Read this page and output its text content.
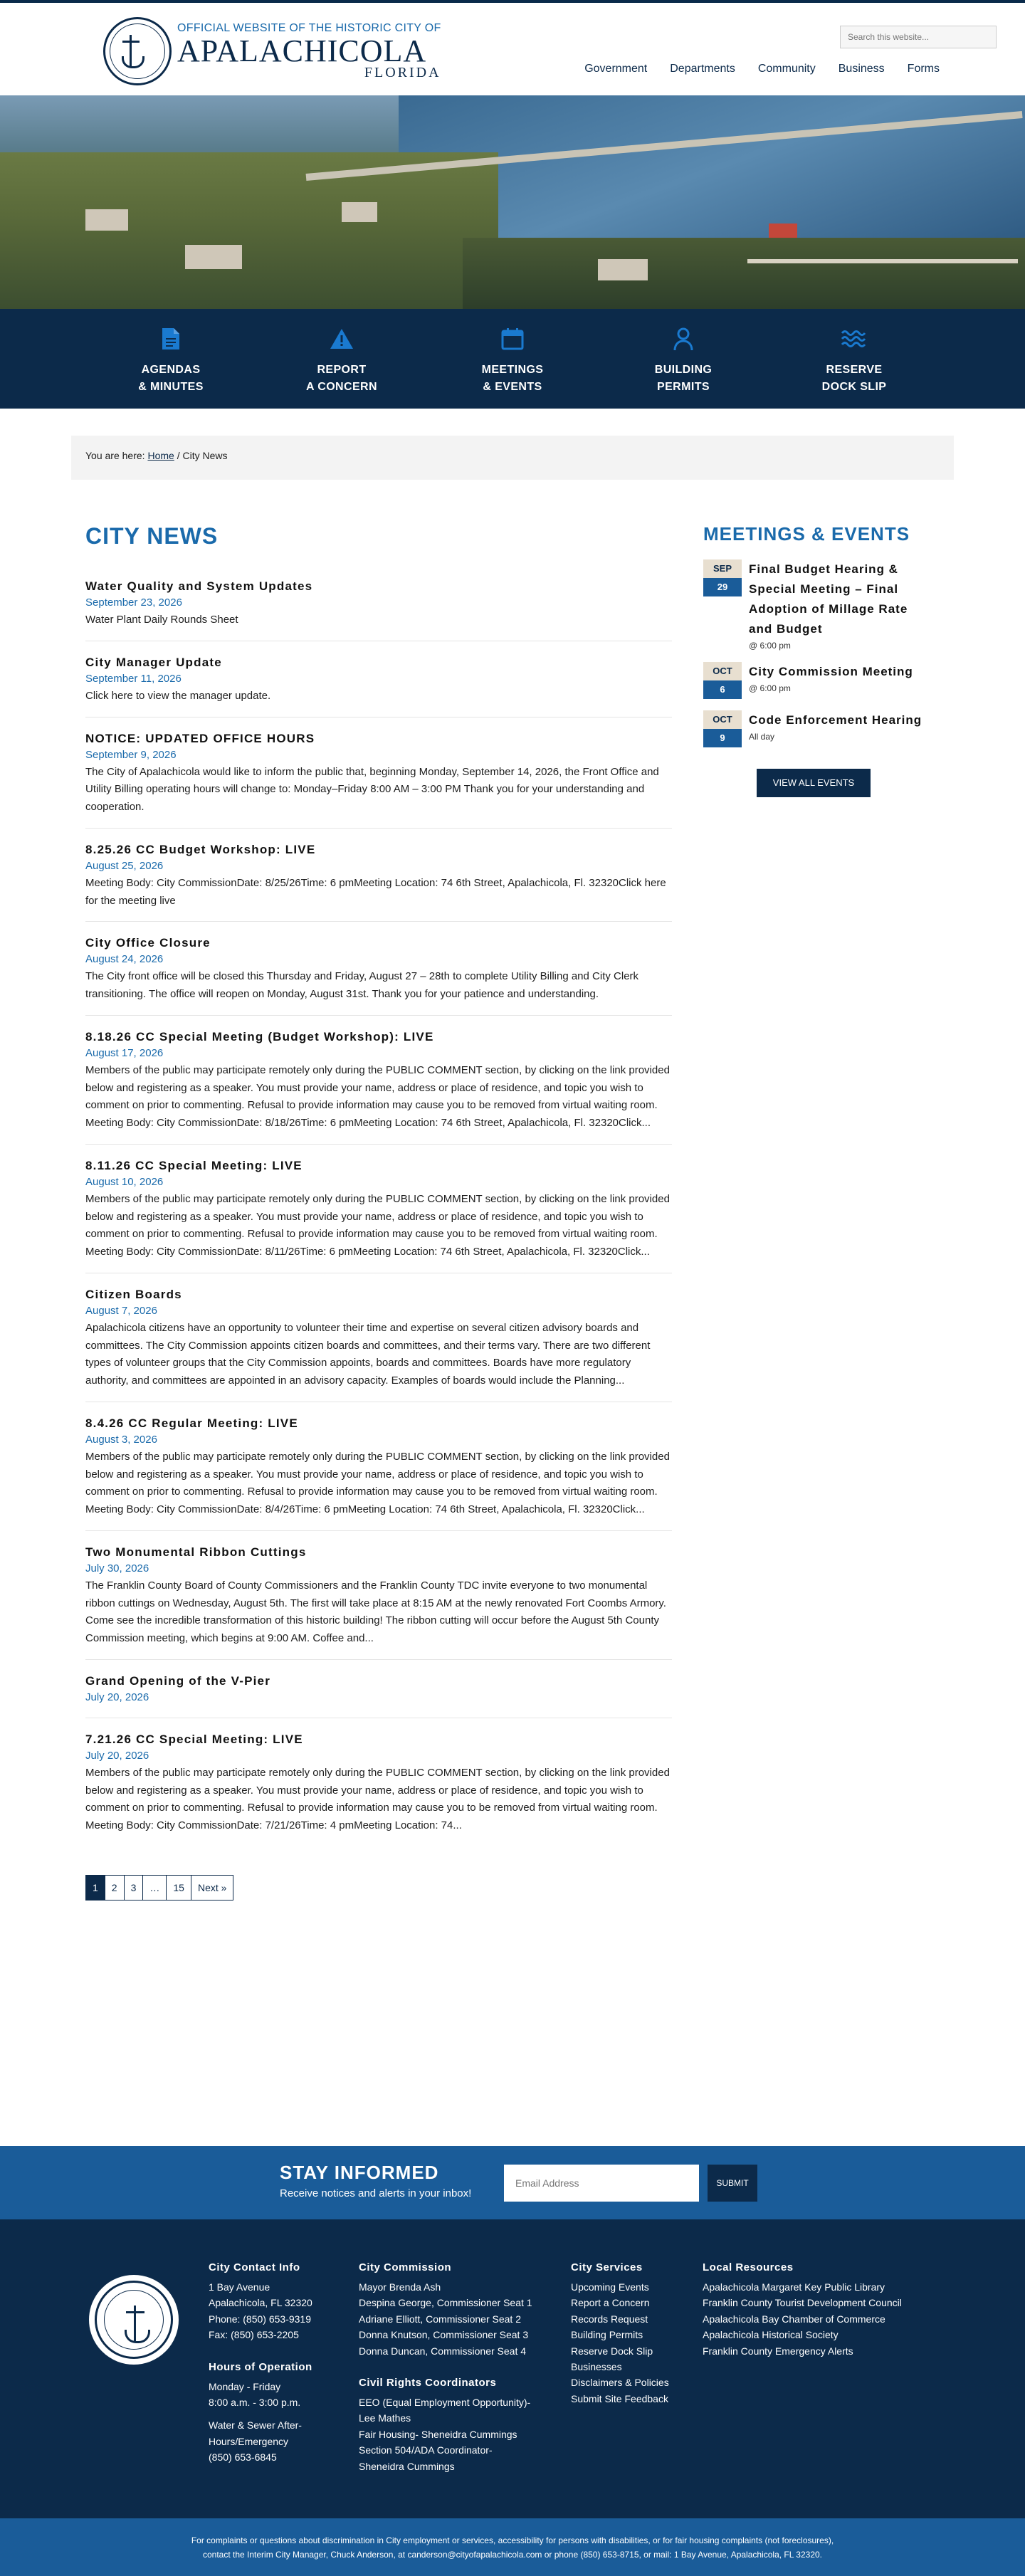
OFFICIAL WEBSITE OF THE HISTORIC CITY OF
APALACHICOLA
FLORIDA
Search this website...	Government Departments Community Business Forms
AGENDAS
& MINUTES
REPORT
A CONCERN
MEETINGS
& EVENTS
BUILDING
PERMITS
RESERVE
DOCK SLIP
You are here: Home / City News
CITY NEWS
Water Quality and System Updates
September 23, 2026

Water Plant Daily Rounds Sheet

City Manager Update
September 11, 2026

Click here to view the manager update.

NOTICE: UPDATED OFFICE HOURS
September 9, 2026

The City of Apalachicola would like to inform the public that, beginning Monday, September 14, 2026, the Front Office and Utility Billing operating hours will change to: Monday–Friday 8:00 AM – 3:00 PM Thank you for your understanding and cooperation.

8.25.26 CC Budget Workshop: LIVE
August 25, 2026

Meeting Body: City CommissionDate: 8/25/26Time: 6 pmMeeting Location: 74 6th Street, Apalachicola, Fl. 32320Click here for the meeting live

City Office Closure
August 24, 2026

The City front office will be closed this Thursday and Friday, August 27 – 28th to complete Utility Billing and City Clerk transitioning. The office will reopen on Monday, August 31st. Thank you for your patience and understanding.

8.18.26 CC Special Meeting (Budget Workshop): LIVE
August 17, 2026

Members of the public may participate remotely only during the PUBLIC COMMENT section, by clicking on the link provided below and registering as a speaker. You must provide your name, address or place of residence, and topic you wish to comment on prior to commenting. Refusal to provide information may cause you to be removed from virtual waiting room. Meeting Body: City CommissionDate: 8/18/26Time: 6 pmMeeting Location: 74 6th Street, Apalachicola, Fl. 32320Click...

8.11.26 CC Special Meeting: LIVE
August 10, 2026

Members of the public may participate remotely only during the PUBLIC COMMENT section, by clicking on the link provided below and registering as a speaker. You must provide your name, address or place of residence, and topic you wish to comment on prior to commenting. Refusal to provide information may cause you to be removed from virtual waiting room. Meeting Body: City CommissionDate: 8/11/26Time: 6 pmMeeting Location: 74 6th Street, Apalachicola, Fl. 32320Click...

Citizen Boards
August 7, 2026

Apalachicola citizens have an opportunity to volunteer their time and expertise on several citizen advisory boards and committees. The City Commission appoints citizen boards and committees, and their terms vary. There are two different types of volunteer groups that the City Commission appoints, boards and committees. Boards have more regulatory authority, and committees are appointed in an advisory capacity. Examples of boards would include the Planning...

8.4.26 CC Regular Meeting: LIVE
August 3, 2026

Members of the public may participate remotely only during the PUBLIC COMMENT section, by clicking on the link provided below and registering as a speaker. You must provide your name, address or place of residence, and topic you wish to comment on prior to commenting. Refusal to provide information may cause you to be removed from virtual waiting room. Meeting Body: City CommissionDate: 8/4/26Time: 6 pmMeeting Location: 74 6th Street, Apalachicola, Fl. 32320Click...

Two Monumental Ribbon Cuttings
July 30, 2026

The Franklin County Board of County Commissioners and the Franklin County TDC invite everyone to two monumental ribbon cuttings on Wednesday, August 5th. The first will take place at 8:15 AM at the newly renovated Fort Coombs Armory. Come see the incredible transformation of this historic building! The ribbon cutting will occur before the August 5th County Commission meeting, which begins at 9:00 AM. Coffee and...

Grand Opening of the V-Pier
July 20, 2026
7.21.26 CC Special Meeting: LIVE
July 20, 2026

Members of the public may participate remotely only during the PUBLIC COMMENT section, by clicking on the link provided below and registering as a speaker. You must provide your name, address or place of residence, and topic you wish to comment on prior to commenting. Refusal to provide information may cause you to be removed from virtual waiting room. Meeting Body: City CommissionDate: 7/21/26Time: 4 pmMeeting Location: 74...

1	2	3	…	15	Next »
MEETINGS & EVENTS
SEP
29
Final Budget Hearing & Special Meeting – Final Adoption of Millage Rate and Budget
@ 6:00 pm
OCT
6
City Commission Meeting
@ 6:00 pm
OCT
9
Code Enforcement Hearing
All day
VIEW ALL EVENTS
STAY INFORMED

Receive notices and alerts in your inbox!

Email Address
SUBMIT
City Contact Info
1 Bay Avenue
Apalachicola, FL 32320
Phone: (850) 653-9319
Fax: (850) 653-2205
Hours of Operation
Monday - Friday
8:00 a.m. - 3:00 p.m.
Water & Sewer After-
Hours/Emergency
(850) 653-6845
City Commission
Mayor Brenda Ash
Despina George, Commissioner Seat 1
Adriane Elliott, Commissioner Seat 2
Donna Knutson, Commissioner Seat 3
Donna Duncan, Commissioner Seat 4
Civil Rights Coordinators
EEO (Equal Employment Opportunity)-
Lee Mathes
Fair Housing- Sheneidra Cummings
Section 504/ADA Coordinator-
Sheneidra Cummings
City Services
Upcoming Events
Report a Concern
Records Request
Building Permits
Reserve Dock Slip
Businesses
Disclaimers & Policies
Submit Site Feedback
Local Resources
Apalachicola Margaret Key Public Library
Franklin County Tourist Development Council
Apalachicola Bay Chamber of Commerce
Apalachicola Historical Society
Franklin County Emergency Alerts
For complaints or questions about discrimination in City employment or services, accessibility for persons with disabilities, or for fair housing complaints (not foreclosures),
contact the Interim City Manager, Chuck Anderson, at canderson@cityofapalachicola.com or phone (850) 653-8715, or mail: 1 Bay Avenue, Apalachicola, FL 32320.
